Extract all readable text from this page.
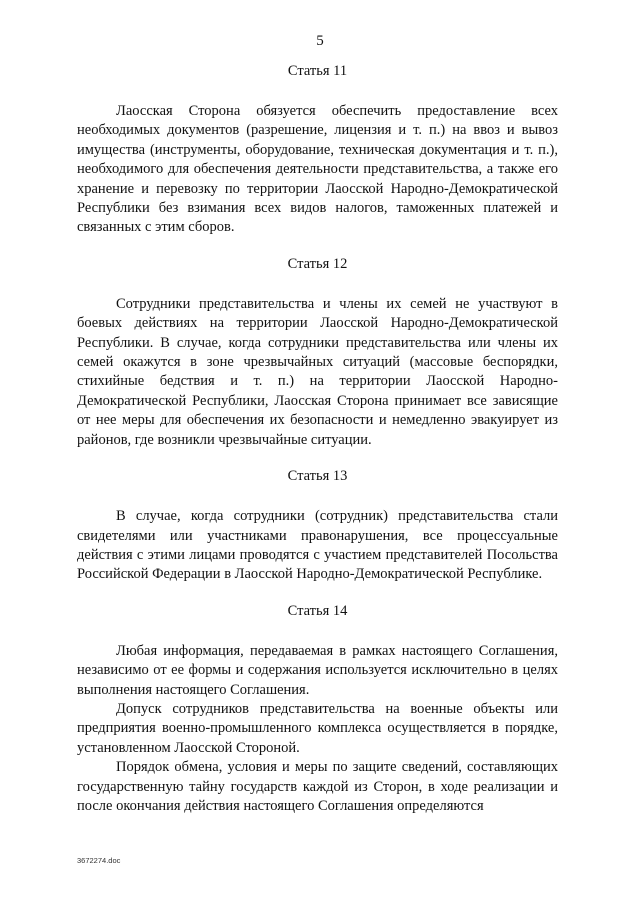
5

Статья 11

Лаосская Сторона обязуется обеспечить предоставление всех необходимых документов (разрешение, лицензия и т. п.) на ввоз и вывоз имущества (инструменты, оборудование, техническая документация и т. п.), необходимого для обеспечения деятельности представительства, а также его хранение и перевозку по территории Лаосской Народно-Демократической Республики без взимания всех видов налогов, таможенных платежей и связанных с этим сборов.

Статья 12

Сотрудники представительства и члены их семей не участвуют в боевых действиях на территории Лаосской Народно-Демократической Республики. В случае, когда сотрудники представительства или члены их семей окажутся в зоне чрезвычайных ситуаций (массовые беспорядки, стихийные бедствия и т. п.) на территории Лаосской Народно-Демократической Республики, Лаосская Сторона принимает все зависящие от нее меры для обеспечения их безопасности и немедленно эвакуирует из районов, где возникли чрезвычайные ситуации.

Статья 13

В случае, когда сотрудники (сотрудник) представительства стали свидетелями или участниками правонарушения, все процессуальные действия с этими лицами проводятся с участием представителей Посольства Российской Федерации в Лаосской Народно-Демократической Республике.

Статья 14

Любая информация, передаваемая в рамках настоящего Соглашения, независимо от ее формы и содержания используется исключительно в целях выполнения настоящего Соглашения.

Допуск сотрудников представительства на военные объекты или предприятия военно-промышленного комплекса осуществляется в порядке, установленном Лаосской Стороной.

Порядок обмена, условия и меры по защите сведений, составляющих государственную тайну государств каждой из Сторон, в ходе реализации и после окончания действия настоящего Соглашения определяются

3672274.doc
